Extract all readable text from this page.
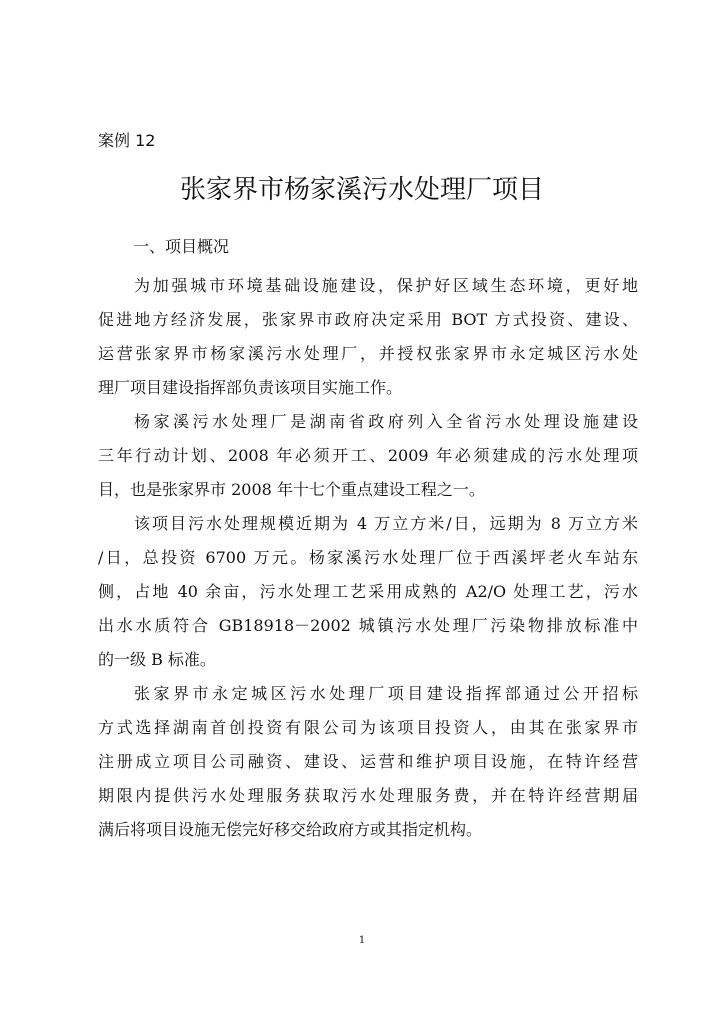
案例 12
张家界市杨家溪污水处理厂项目
一、项目概况
为加强城市环境基础设施建设，保护好区域生态环境，更好地
促进地方经济发展，张家界市政府决定采用 BOT 方式投资、建设、
运营张家界市杨家溪污水处理厂，并授权张家界市永定城区污水处
理厂项目建设指挥部负责该项目实施工作。
杨家溪污水处理厂是湖南省政府列入全省污水处理设施建设
三年行动计划、2008 年必须开工、2009 年必须建成的污水处理项
目，也是张家界市 2008 年十七个重点建设工程之一。
该项目污水处理规模近期为 4 万立方米/日，远期为 8 万立方米
/日，总投资 6700 万元。杨家溪污水处理厂位于西溪坪老火车站东
侧，占地 40 余亩，污水处理工艺采用成熟的 A2/O 处理工艺，污水
出水水质符合 GB18918－2002 城镇污水处理厂污染物排放标准中
的一级 B 标准。
张家界市永定城区污水处理厂项目建设指挥部通过公开招标
方式选择湖南首创投资有限公司为该项目投资人，由其在张家界市
注册成立项目公司融资、建设、运营和维护项目设施，在特许经营
期限内提供污水处理服务获取污水处理服务费，并在特许经营期届
满后将项目设施无偿完好移交给政府方或其指定机构。
1
